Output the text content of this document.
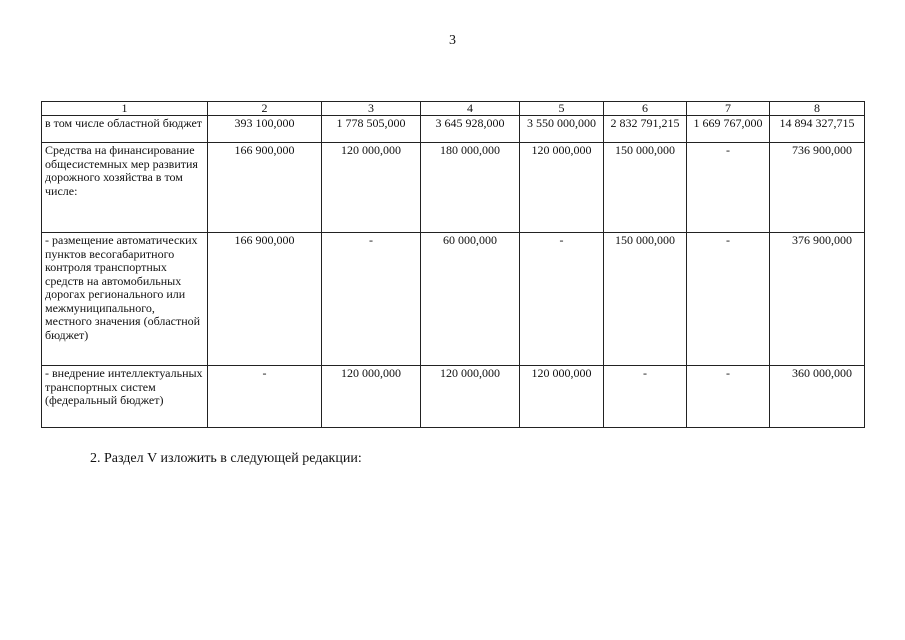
3
1	2	3	4	5	6	7	8
в том числе областной бюджет	393 100,000	1 778 505,000	3 645 928,000	3 550 000,000	2 832 791,215	1 669 767,000	14 894 327,715
Средства на финансирование общесистемных мер развития дорожного хозяйства в том числе:	166 900,000	120 000,000	180 000,000	120 000,000	150 000,000	-	736 900,000
- размещение автоматических пунктов весогабаритного контроля транспортных средств на автомобильных дорогах регионального или межмуниципального, местного значения (областной бюджет)	166 900,000	-	60 000,000	-	150 000,000	-	376 900,000
- внедрение интеллектуальных транспортных систем (федеральный бюджет)	-	120 000,000	120 000,000	120 000,000	-	-	360 000,000
2. Раздел V изложить в следующей редакции:
